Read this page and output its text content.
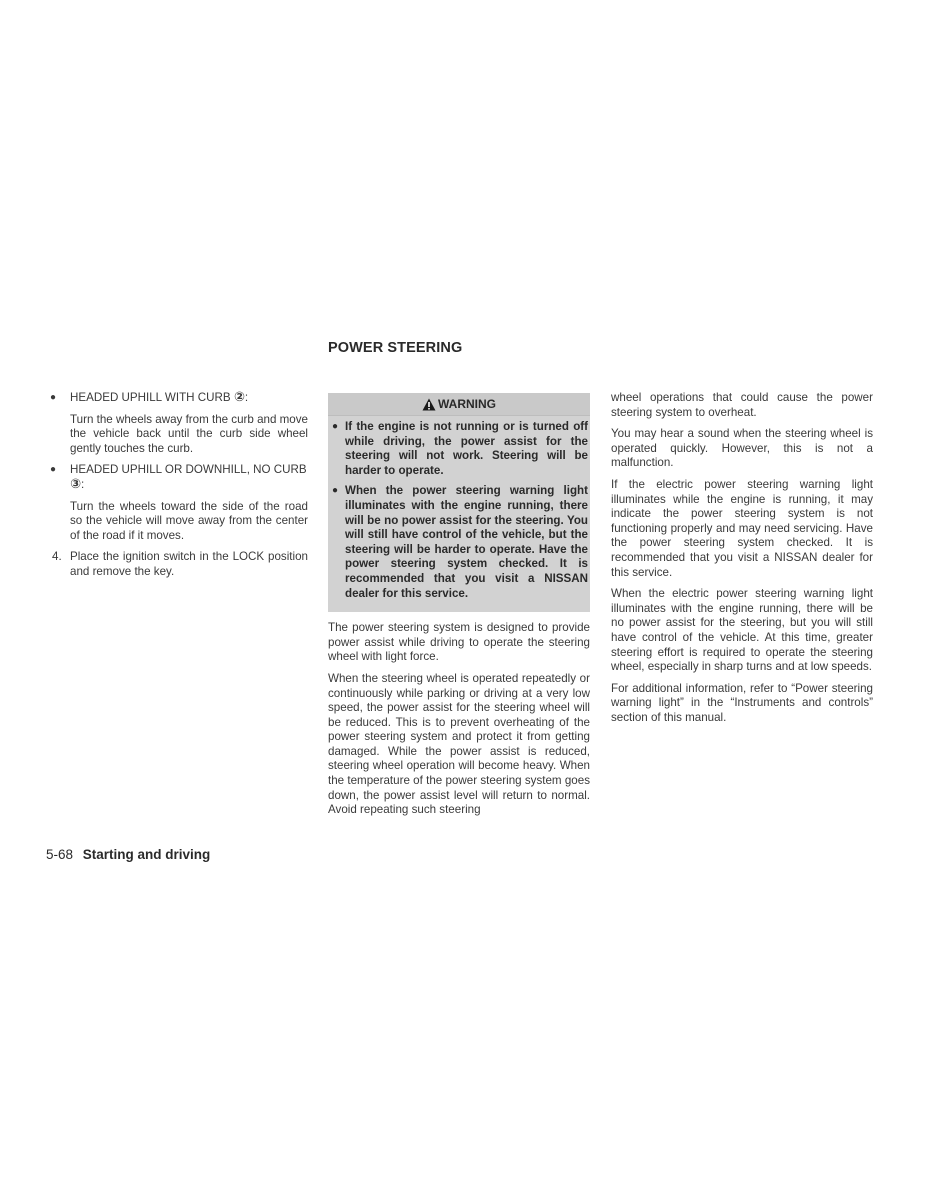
POWER STEERING
●	HEADED UPHILL WITH CURB ②:

Turn the wheels away from the curb and move the vehicle back until the curb side wheel gently touches the curb.

●	HEADED UPHILL OR DOWNHILL, NO CURB ③:

Turn the wheels toward the side of the road so the vehicle will move away from the center of the road if it moves.

4. Place the ignition switch in the LOCK position and remove the key.
WARNING
● If the engine is not running or is turned off while driving, the power assist for the steering will not work. Steering will be harder to operate.
● When the power steering warning light illuminates with the engine running, there will be no power assist for the steering. You will still have control of the vehicle, but the steering will be harder to operate. Have the power steering system checked. It is recommended that you visit a NISSAN dealer for this service.

The power steering system is designed to provide power assist while driving to operate the steering wheel with light force.

When the steering wheel is operated repeatedly or continuously while parking or driving at a very low speed, the power assist for the steering wheel will be reduced. This is to prevent overheating of the power steering system and protect it from getting damaged. While the power assist is reduced, steering wheel operation will become heavy. When the temperature of the power steering system goes down, the power assist level will return to normal. Avoid repeating such steering

wheel operations that could cause the power steering system to overheat.

You may hear a sound when the steering wheel is operated quickly. However, this is not a malfunction.

If the electric power steering warning light illuminates while the engine is running, it may indicate the power steering system is not functioning properly and may need servicing. Have the power steering system checked. It is recommended that you visit a NISSAN dealer for this service.

When the electric power steering warning light illuminates with the engine running, there will be no power assist for the steering, but you will still have control of the vehicle. At this time, greater steering effort is required to operate the steering wheel, especially in sharp turns and at low speeds.

For additional information, refer to “Power steering warning light” in the “Instruments and controls” section of this manual.

5-68 Starting and driving
